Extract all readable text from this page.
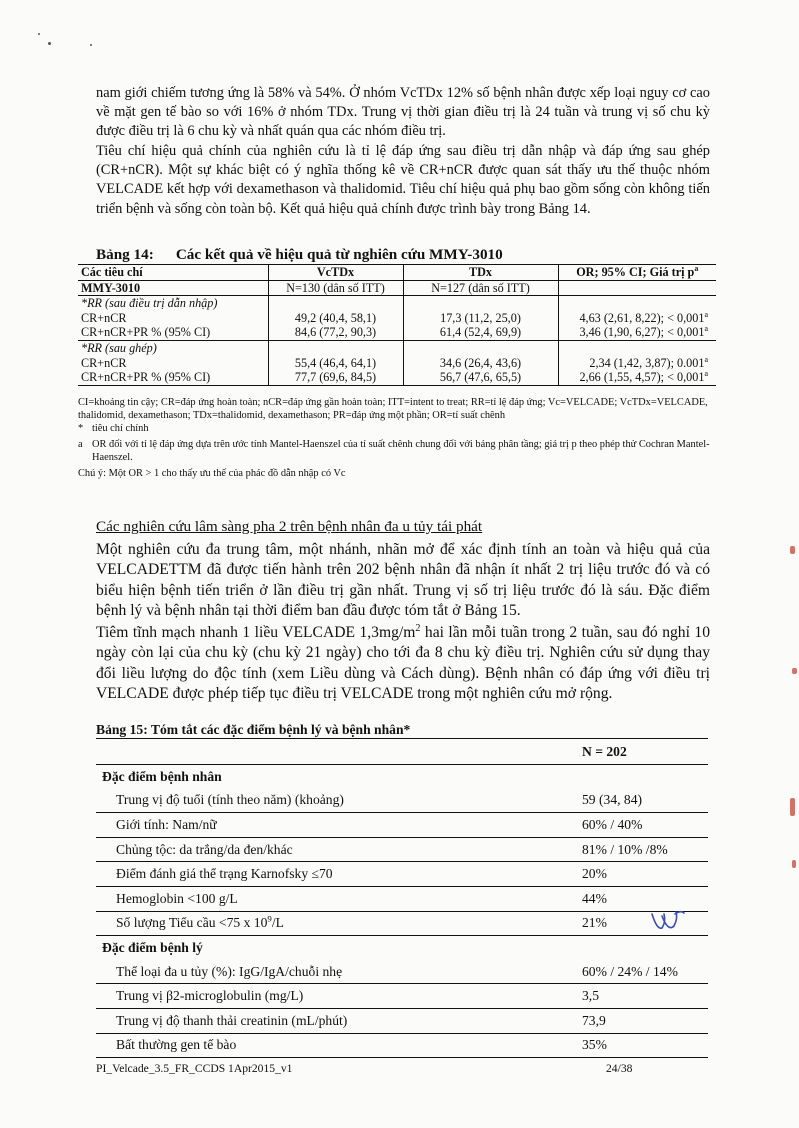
nam giới chiếm tương ứng là 58% và 54%. Ở nhóm VcTDx 12% số bệnh nhân được xếp loại nguy cơ cao về mặt gen tế bào so với 16% ở nhóm TDx. Trung vị thời gian điều trị là 24 tuần và trung vị số chu kỳ được điều trị là 6 chu kỳ và nhất quán qua các nhóm điều trị.

Tiêu chí hiệu quả chính của nghiên cứu là tỉ lệ đáp ứng sau điều trị dẫn nhập và đáp ứng sau ghép (CR+nCR). Một sự khác biệt có ý nghĩa thống kê về CR+nCR được quan sát thấy ưu thế thuộc nhóm VELCADE kết hợp với dexamethason và thalidomid. Tiêu chí hiệu quả phụ bao gồm sống còn không tiến triển bệnh và sống còn toàn bộ. Kết quả hiệu quả chính được trình bày trong Bảng 14.

Bảng 14: Các kết quả về hiệu quả từ nghiên cứu MMY-3010

Các tiêu chí	VcTDx	TDx	OR; 95% CI; Giá trị $p^a$
MMY-3010	N=130 (dân số ITT)	N=127 (dân số ITT)	
*RR (sau điều trị dẫn nhập)			
CR+nCR	49,2 (40,4, 58,1)	17,3 (11,2, 25,0)	4,63 (2,61, 8,22); < 0,001$^a$
CR+nCR+PR % (95% CI)	84,6 (77,2, 90,3)	61,4 (52,4, 69,9)	3,46 (1,90, 6,27); < 0,001$^a$
*RR (sau ghép)			
CR+nCR	55,4 (46,4, 64,1)	34,6 (26,4, 43,6)	2,34 (1,42, 3,87); 0.001$^a$
CR+nCR+PR % (95% CI)	77,7 (69,6, 84,5)	56,7 (47,6, 65,5)	2,66 (1,55, 4,57); < 0,001$^a$
CI=khoảng tin cậy; CR=đáp ứng hoàn toàn; nCR=đáp ứng gần hoàn toàn; ITT=intent to treat; RR=tỉ lệ đáp ứng; Vc=VELCADE; VcTDx=VELCADE, thalidomid, dexamethason; TDx=thalidomid, dexamethason; PR=đáp ứng một phần; OR=tỉ suất chênh
* tiêu chí chính
a OR đối với tỉ lệ đáp ứng dựa trên ước tính Mantel-Haenszel của tỉ suất chênh chung đối với bảng phân tầng; giá trị p theo phép thử Cochran Mantel-Haenszel.
Chú ý: Một OR > 1 cho thấy ưu thế của phác đồ dẫn nhập có Vc

Các nghiên cứu lâm sàng pha 2 trên bệnh nhân đa u tủy tái phát

Một nghiên cứu đa trung tâm, một nhánh, nhãn mở để xác định tính an toàn và hiệu quả của VELCADETTM đã được tiến hành trên 202 bệnh nhân đã nhận ít nhất 2 trị liệu trước đó và có biểu hiện bệnh tiến triển ở lần điều trị gần nhất. Trung vị số trị liệu trước đó là sáu. Đặc điểm bệnh lý và bệnh nhân tại thời điểm ban đầu được tóm tắt ở Bảng 15.

Tiêm tĩnh mạch nhanh 1 liều VELCADE $1,3mg/m^2$ hai lần mỗi tuần trong 2 tuần, sau đó nghỉ 10 ngày còn lại của chu kỳ (chu kỳ 21 ngày) cho tới đa 8 chu kỳ điều trị. Nghiên cứu sử dụng thay đổi liều lượng do độc tính (xem Liều dùng và Cách dùng). Bệnh nhân có đáp ứng với điều trị VELCADE được phép tiếp tục điều trị VELCADE trong một nghiên cứu mở rộng.

Bảng 15: Tóm tắt các đặc điểm bệnh lý và bệnh nhân*

N = 202
Đặc điểm bệnh nhân
Trung vị độ tuổi (tính theo năm) (khoảng)	59 (34, 84)
Giới tính: Nam/nữ	60% / 40%
Chủng tộc: da trắng/da đen/khác	81% / 10% /8%
Điểm đánh giá thể trạng Karnofsky ≤70	20%
Hemoglobin <100 g/L	44%
Số lượng Tiểu cầu <75 x $10^9/L$	21%
Đặc điểm bệnh lý
Thể loại đa u tủy (%): IgG/IgA/chuỗi nhẹ	60% / 24% / 14%
Trung vị β2-microglobulin (mg/L)	3,5
Trung vị độ thanh thải creatinin (mL/phút)	73,9
Bất thường gen tế bào	35%
PI_Velcade_3.5_FR_CCDS 1Apr2015_v1	24/38
